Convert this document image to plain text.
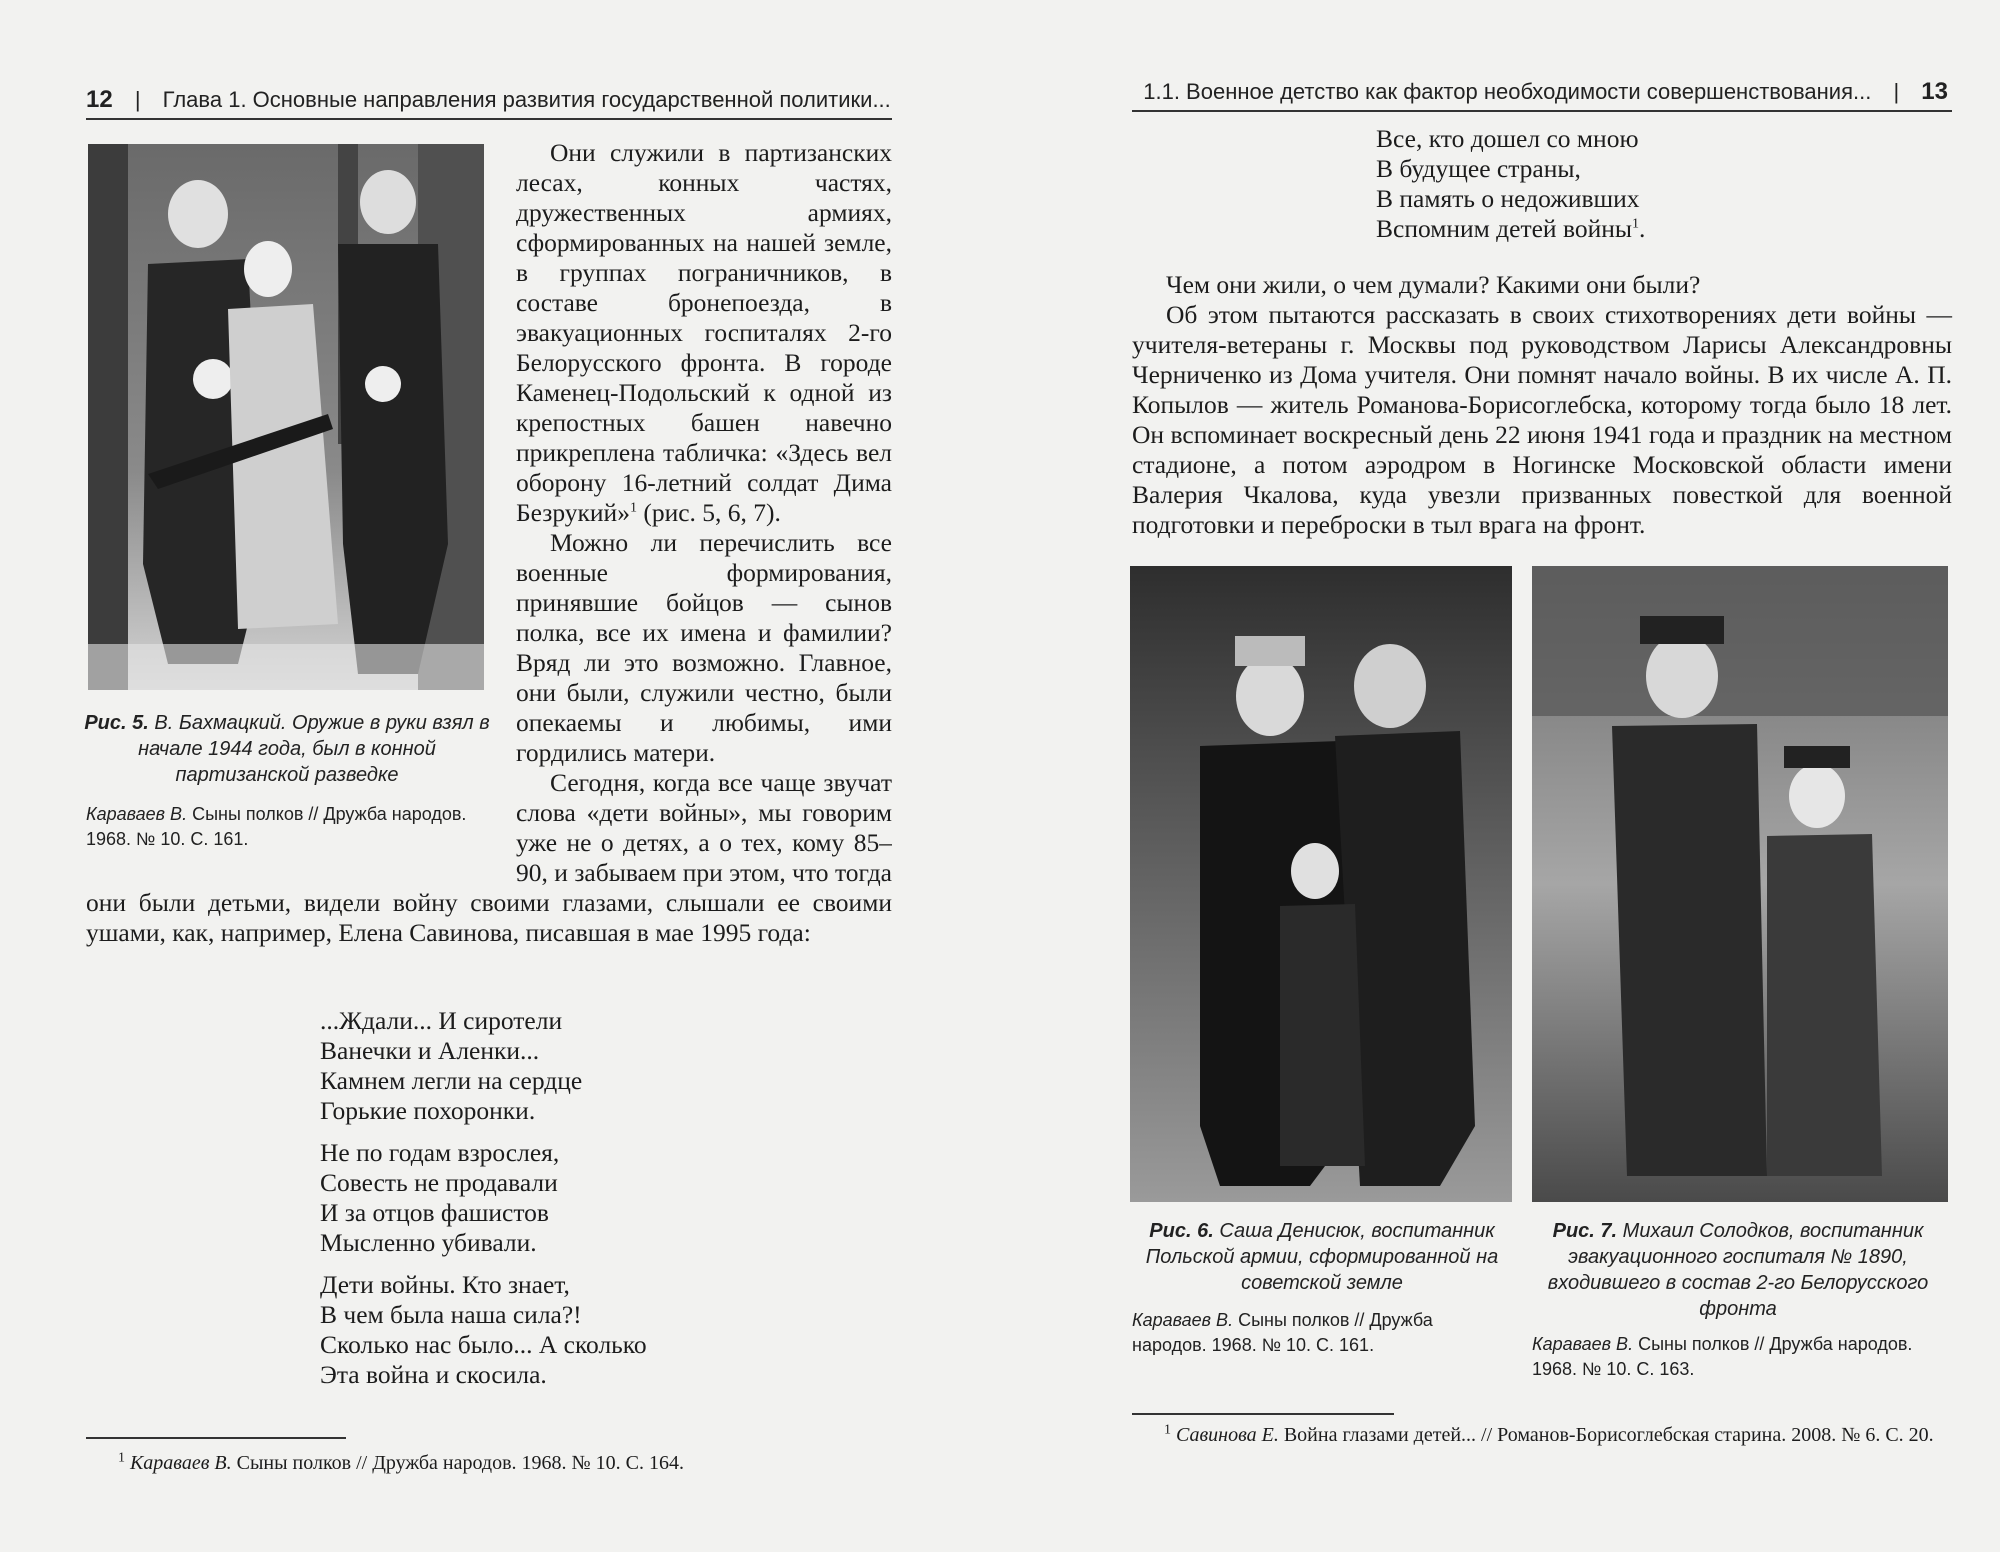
12 | Глава 1. Основные направления развития государственной политики...
Рис. 5. В. Бахмацкий. Оружие в руки взял в начале 1944 года, был в конной партизанской разведке
Караваев В. Сыны полков // Дружба народов. 1968. № 10. С. 161.

Они служили в партизанских лесах, конных частях, дружественных армиях, сформированных на нашей земле, в группах пограничников, в составе бронепоезда, в эвакуационных госпиталях 2-го Белорусского фронта. В городе Каменец-Подольский к одной из крепостных башен навечно прикреплена табличка: «Здесь вел оборону 16-летний солдат Дима Безрукий»$^1$ (рис. 5, 6, 7).

Можно ли перечислить все военные формирования, принявшие бойцов — сынов полка, все их имена и фамилии? Вряд ли это возможно. Главное, они были, служили честно, были опекаемы и любимы, ими гордились матери.

Сегодня, когда все чаще звучат слова «дети войны», мы говорим уже не о детях, а о тех, кому 85–90, и забываем при этом, что тогда они были детьми, видели войну своими глазами, слышали ее своими ушами, как, например, Елена Савинова, писавшая в мае 1995 года:

...Ждали... И сиротели
Ванечки и Аленки...
Камнем легли на сердце
Горькие похоронки.
Не по годам взрослея,
Совесть не продавали
И за отцов фашистов
Мысленно убивали.
Дети войны. Кто знает,
В чем была наша сила?!
Сколько нас было... А сколько
Эта война и скосила.
$^1$ Караваев В. Сыны полков // Дружба народов. 1968. № 10. С. 164.
1.1. Военное детство как фактор необходимости совершенствования... | 13
Все, кто дошел со мною
В будущее страны,
В память о недоживших
Вспомним детей войны$^1$.

Чем они жили, о чем думали? Какими они были?

Об этом пытаются рассказать в своих стихотворениях дети войны — учителя-ветераны г. Москвы под руководством Ларисы Александровны Черниченко из Дома учителя. Они помнят начало войны. В их числе А. П. Копылов — житель Романова-Борисоглебска, которому тогда было 18 лет. Он вспоминает воскресный день 22 июня 1941 года и праздник на местном стадионе, а потом аэродром в Ногинске Московской области имени Валерия Чкалова, куда увезли призванных повесткой для военной подготовки и переброски в тыл врага на фронт.

Рис. 6. Саша Денисюк, воспитанник Польской армии, сформированной на советской земле
Караваев В. Сыны полков // Дружба народов. 1968. № 10. С. 161.
Рис. 7. Михаил Солодков, воспитанник эвакуационного госпиталя № 1890, входившего в состав 2-го Белорусского фронта
Караваев В. Сыны полков // Дружба народов. 1968. № 10. С. 163.
$^1$ Савинова Е. Война глазами детей... // Романов-Борисоглебская старина. 2008. № 6. С. 20.
